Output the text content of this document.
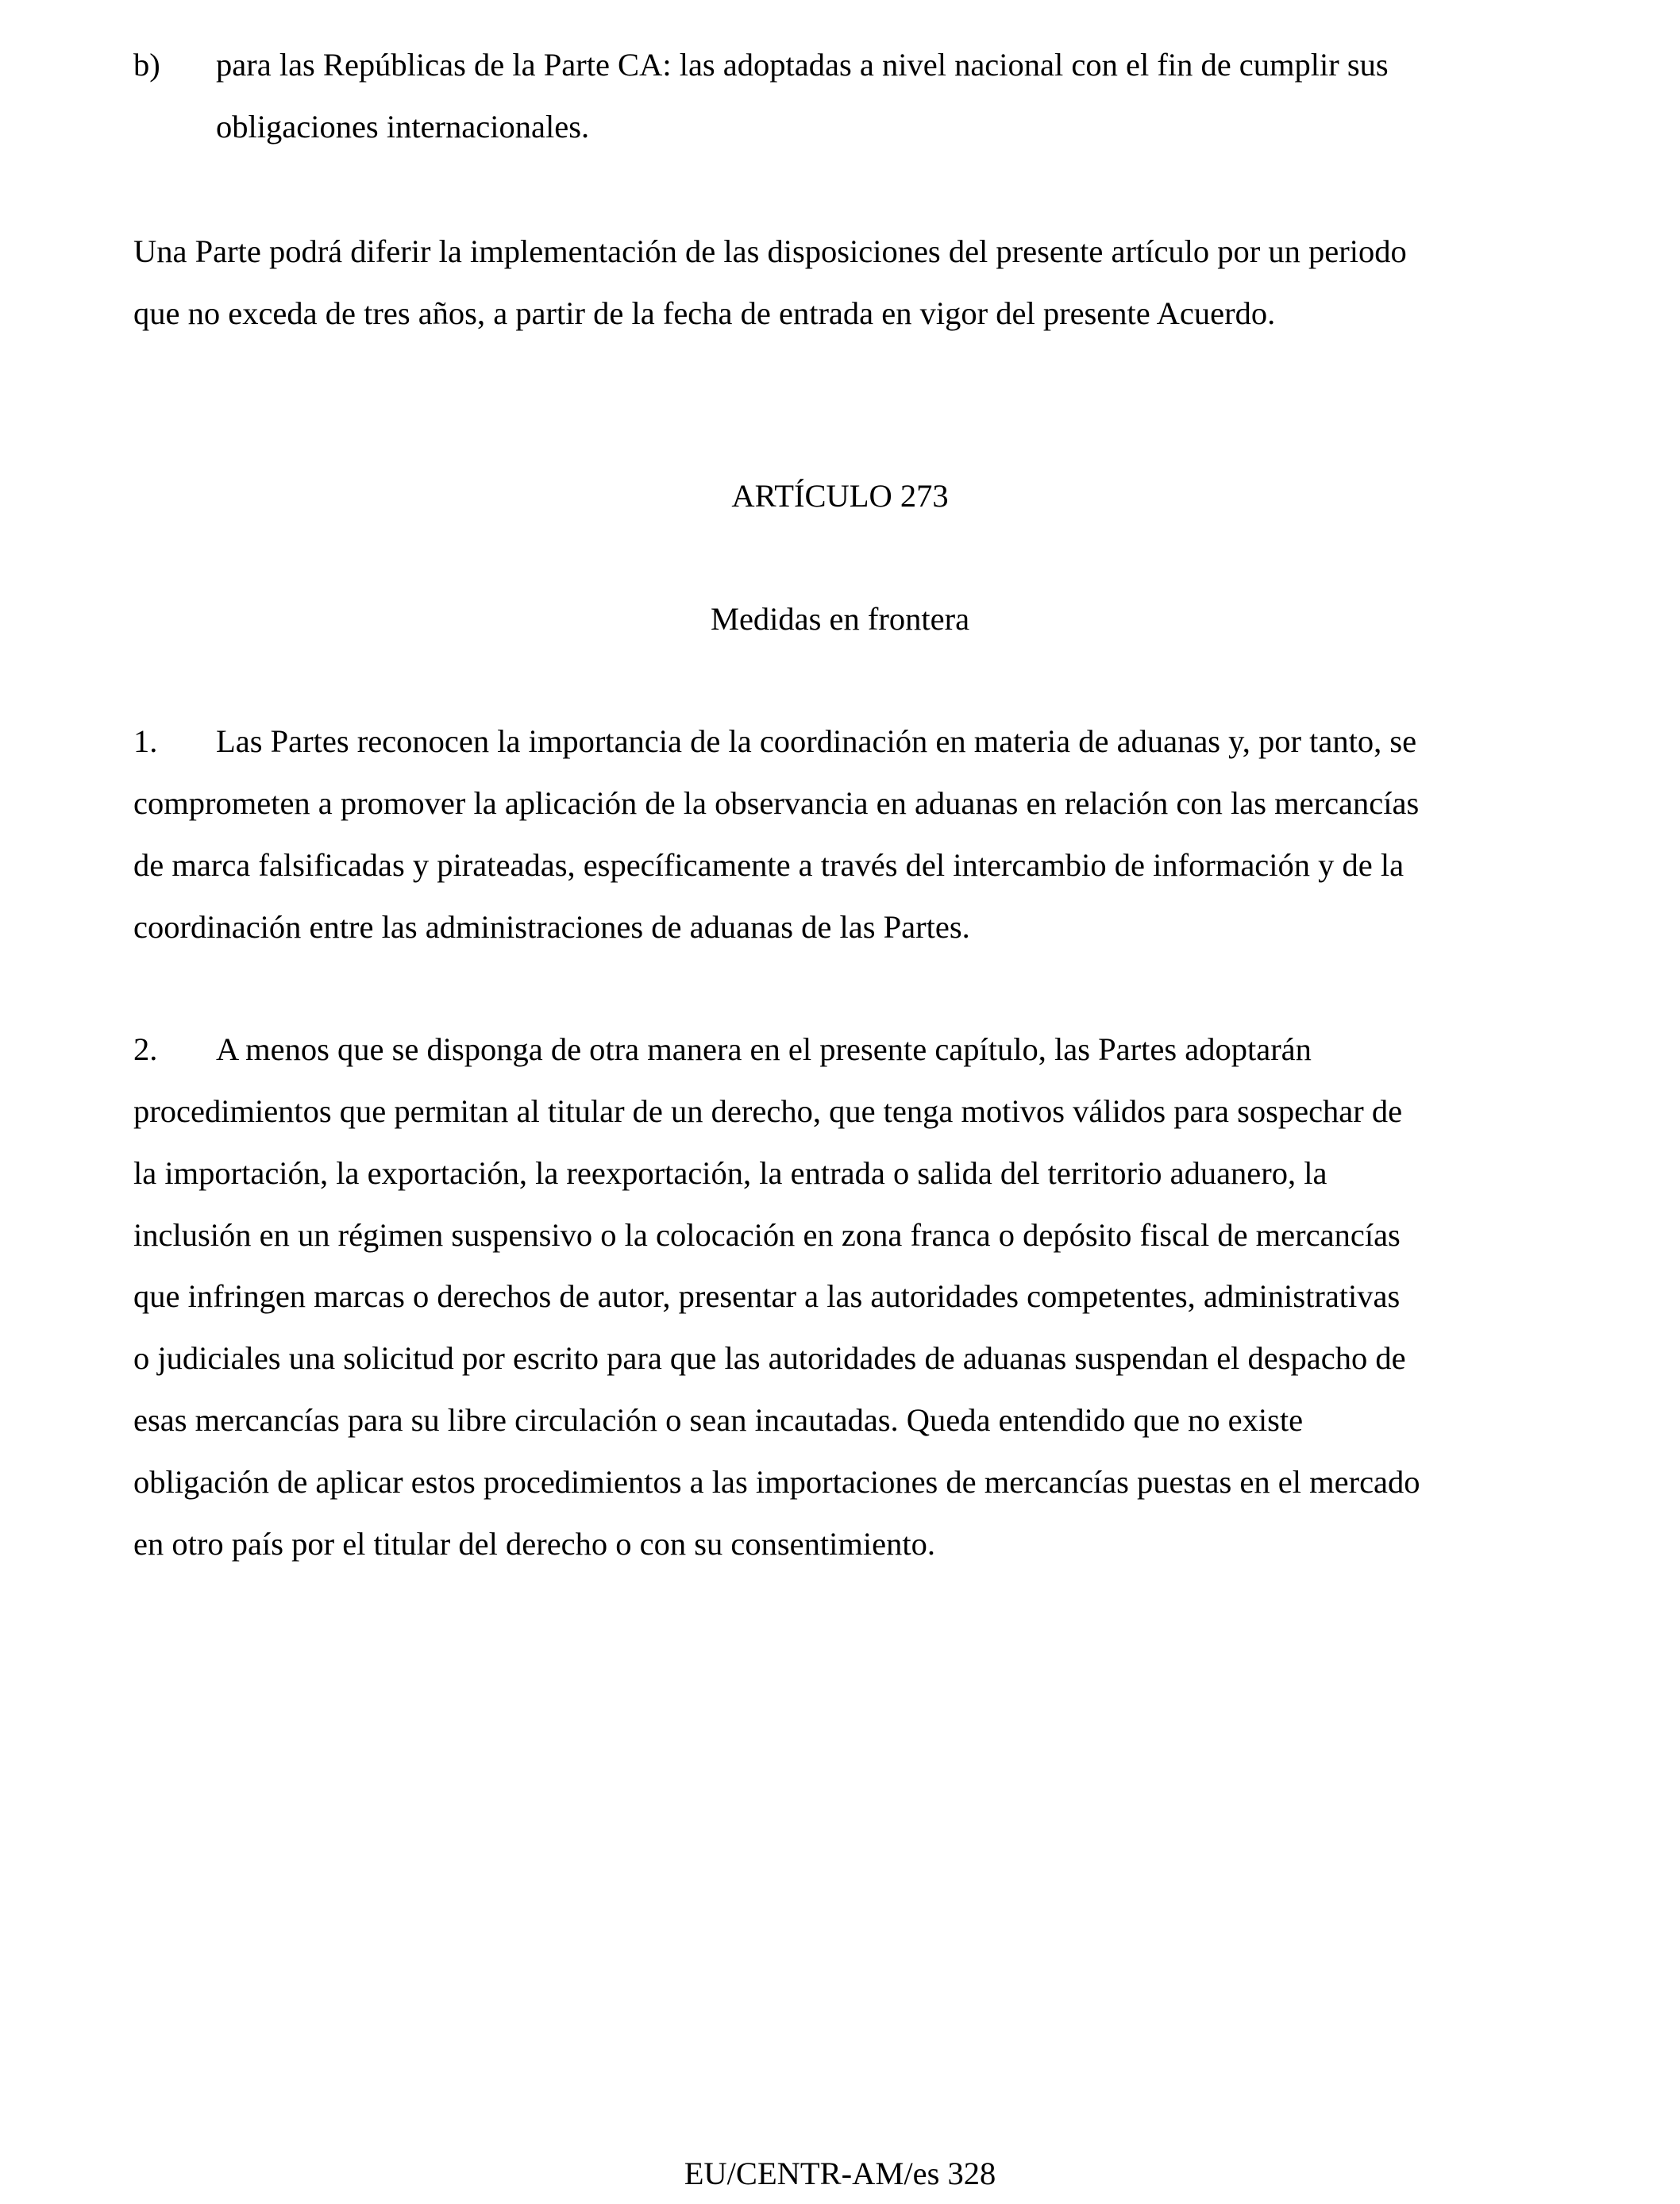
b) para las Repúblicas de la Parte CA: las adoptadas a nivel nacional con el fin de cumplir sus

obligaciones internacionales.

Una Parte podrá diferir la implementación de las disposiciones del presente artículo por un periodo

que no exceda de tres años, a partir de la fecha de entrada en vigor del presente Acuerdo.

ARTÍCULO 273

Medidas en frontera

1. Las Partes reconocen la importancia de la coordinación en materia de aduanas y, por tanto, se

comprometen a promover la aplicación de la observancia en aduanas en relación con las mercancías

de marca falsificadas y pirateadas, específicamente a través del intercambio de información y de la

coordinación entre las administraciones de aduanas de las Partes.

2. A menos que se disponga de otra manera en el presente capítulo, las Partes adoptarán

procedimientos que permitan al titular de un derecho, que tenga motivos válidos para sospechar de

la importación, la exportación, la reexportación, la entrada o salida del territorio aduanero, la

inclusión en un régimen suspensivo o la colocación en zona franca o depósito fiscal de mercancías

que infringen marcas o derechos de autor, presentar a las autoridades competentes, administrativas

o judiciales una solicitud por escrito para que las autoridades de aduanas suspendan el despacho de

esas mercancías para su libre circulación o sean incautadas. Queda entendido que no existe

obligación de aplicar estos procedimientos a las importaciones de mercancías puestas en el mercado

en otro país por el titular del derecho o con su consentimiento.

EU/CENTR-AM/es 328
